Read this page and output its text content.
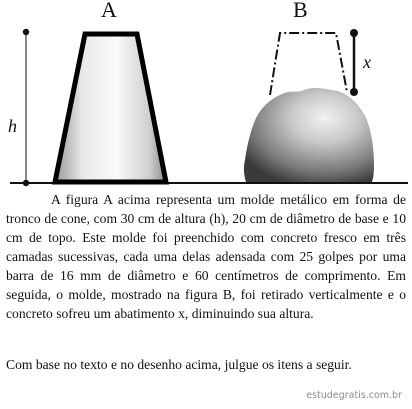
A	B
h
x

A figura A acima representa um molde metálico em forma de tronco de cone, com 30 cm de altura (h), 20 cm de diâmetro de base e 10 cm de topo. Este molde foi preenchido com concreto fresco em três camadas sucessivas, cada uma delas adensada com 25 golpes por uma barra de 16 mm de diâmetro e 60 centímetros de comprimento. Em seguida, o molde, mostrado na figura B, foi retirado verticalmente e o concreto sofreu um abatimento x, diminuindo sua altura.

Com base no texto e no desenho acima, julgue os itens a seguir.

estudegratis.com.br
